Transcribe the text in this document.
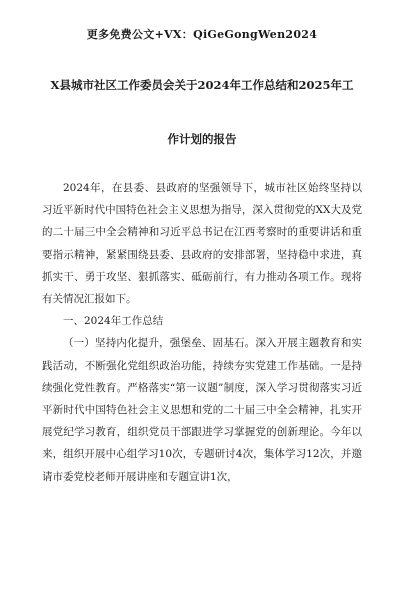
更多免费公文+VX：QiGeGongWen2024
X县城市社区工作委员会关于2024年工作总结和2025年工
作计划的报告

2024年，在县委、县政府的坚强领导下，城市社区始终坚持以习近平新时代中国特色社会主义思想为指导，深入贯彻党的XX大及党的二十届三中全会精神和习近平总书记在江西考察时的重要讲话和重要指示精神，紧紧围绕县委、县政府的安排部署，坚持稳中求进，真抓实干、勇于攻坚、狠抓落实、砥砺前行，有力推动各项工作。现将有关情况汇报如下。

一、2024年工作总结

（一）坚持内化提升，强堡垒、固基石。深入开展主题教育和实践活动，不断强化党组织政治功能，持续夯实党建工作基础。一是持续强化党性教育。严格落实“第一议题”制度，深入学习贯彻落实习近平新时代中国特色社会主义思想和党的二十届三中全会精神，扎实开展党纪学习教育，组织党员干部跟进学习掌握党的创新理论。今年以来，组织开展中心组学习10次，专题研讨4次，集体学习12次，并邀请市委党校老师开展讲座和专题宣讲1次，
